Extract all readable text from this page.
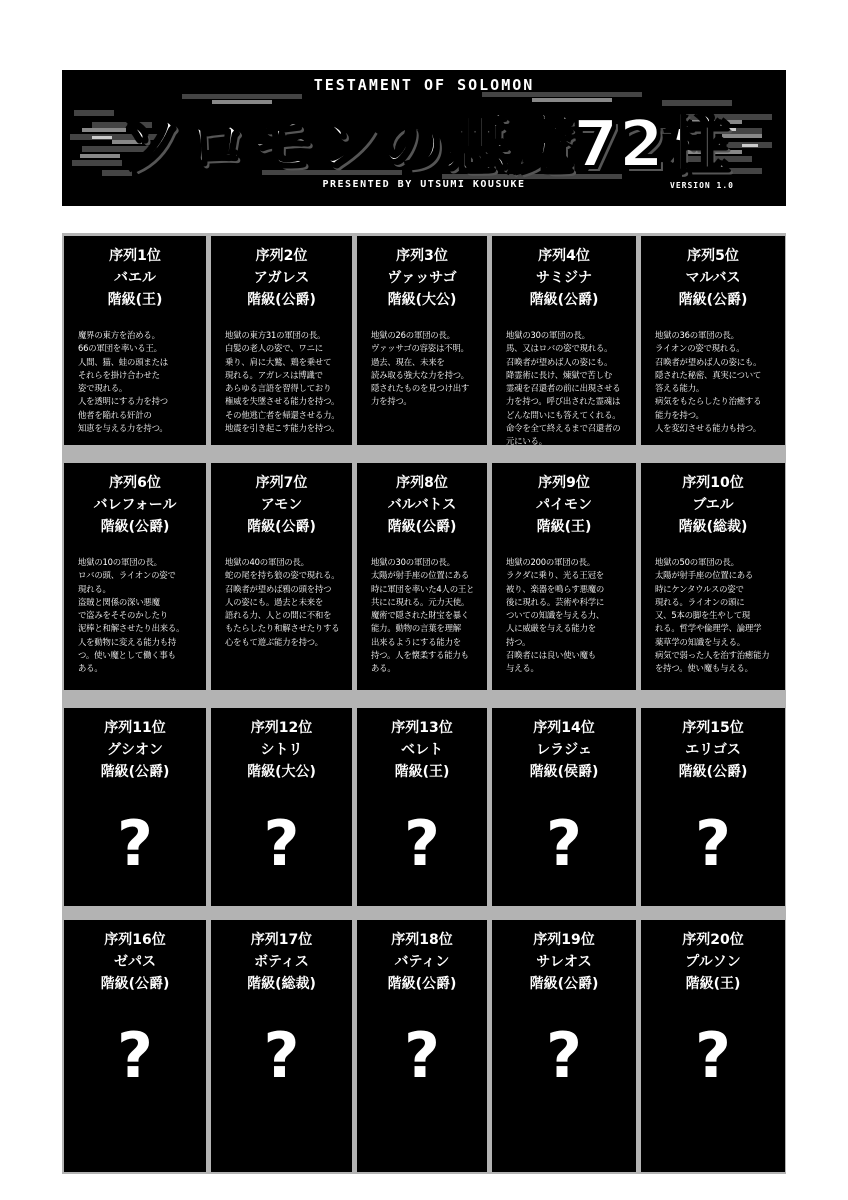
TESTAMENT OF SOLOMON
ソロモンの悪魔72柱
PRESENTED BY UTSUMI KOUSUKE	VERSION 1.0
序列1位
バエル
階級(王)
魔界の東方を治める。
66の軍団を率いる王。
人間、猫、蛙の頭または
それらを掛け合わせた
姿で現れる。
人を透明にする力を持つ
他者を陥れる奸計の
知恵を与える力を持つ。
序列2位
アガレス
階級(公爵)
地獄の東方31の軍団の長。
白髪の老人の姿で、ワニに
乗り、肩に大鷲、鶏を乗せて
現れる。アガレスは博識で
あらゆる言語を習得しており
権威を失墜させる能力を持つ。
その他逃亡者を帰還させる力。
地震を引き起こす能力を持つ。
序列3位
ヴァッサゴ
階級(大公)
地獄の26の軍団の長。
ヴァッサゴの容姿は不明。
過去、現在、未来を
読み取る強大な力を持つ。
隠されたものを見つけ出す
力を持つ。
序列4位
サミジナ
階級(公爵)
地獄の30の軍団の長。
馬、又はロバの姿で現れる。
召喚者が望めば人の姿にも。
降霊術に長け、煉獄で苦しむ
霊魂を召還者の前に出現させる
力を持つ。呼び出された霊魂は
どんな問いにも答えてくれる。
命令を全て終えるまで召還者の
元にいる。
序列5位
マルバス
階級(公爵)
地獄の36の軍団の長。
ライオンの姿で現れる。
召喚者が望めば人の姿にも。
隠された秘密、真実について
答える能力。
病気をもたらしたり治癒する
能力を持つ。
人を変幻させる能力も持つ。
序列6位
バレフォール
階級(公爵)
地獄の10の軍団の長。
ロバの頭、ライオンの姿で
現れる。
盗賊と関係の深い悪魔
で盗みをそそのかしたり
泥棒と和解させたり出来る。
人を動物に変える能力も持
つ。使い魔として働く事も
ある。
序列7位
アモン
階級(公爵)
地獄の40の軍団の長。
蛇の尾を持ち狼の姿で現れる。
召喚者が望めば鴉の頭を持つ
人の姿にも。過去と未来を
語れる力、人との間に不和を
もたらしたり和解させたりする
心をもて遊ぶ能力を持つ。
序列8位
バルバトス
階級(公爵)
地獄の30の軍団の長。
太陽が射手座の位置にある
時に軍団を率いた4人の王と
共にに現れる。元力天使。
魔術で隠された財宝を暴く
能力。動物の言葉を理解
出来るようにする能力を
持つ。人を懐柔する能力も
ある。
序列9位
パイモン
階級(王)
地獄の200の軍団の長。
ラクダに乗り、光る王冠を
被り、楽器を鳴らす悪魔の
後に現れる。芸術や科学に
ついての知識を与える力、
人に威厳を与える能力を
持つ。
召喚者には良い使い魔も
与える。
序列10位
ブエル
階級(総裁)
地獄の50の軍団の長。
太陽が射手座の位置にある
時にケンタウルスの姿で
現れる。ライオンの頭に
又、5本の脚を生やして現
れる。哲学や倫理学、論理学
薬草学の知識を与える。
病気で弱った人を治す治癒能力
を持つ。使い魔も与える。
序列11位
グシオン
階級(公爵)
?
序列12位
シトリ
階級(大公)
?
序列13位
ベレト
階級(王)
?
序列14位
レラジェ
階級(侯爵)
?
序列15位
エリゴス
階級(公爵)
?
序列16位
ゼパス
階級(公爵)
?
序列17位
ボティス
階級(総裁)
?
序列18位
バティン
階級(公爵)
?
序列19位
サレオス
階級(公爵)
?
序列20位
プルソン
階級(王)
?
